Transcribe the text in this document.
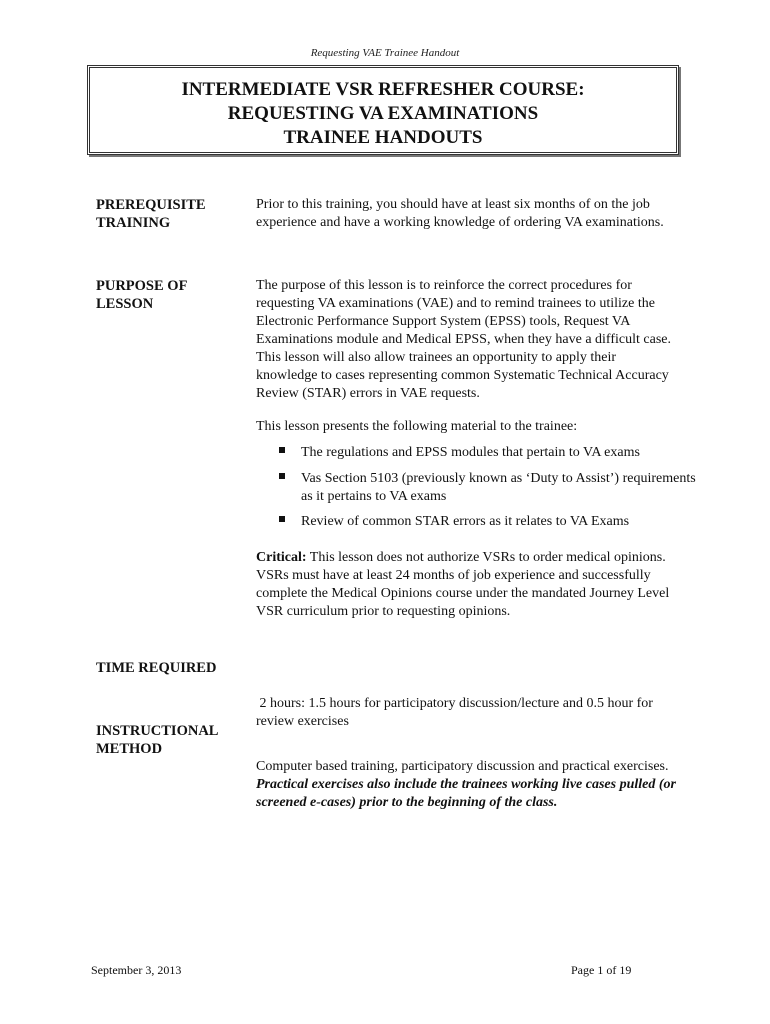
Requesting VAE Trainee Handout
INTERMEDIATE VSR REFRESHER COURSE:
REQUESTING VA EXAMINATIONS
TRAINEE HANDOUTS
PREREQUISITE
TRAINING

Prior to this training, you should have at least six months of on the job experience and have a working knowledge of ordering VA examinations.

PURPOSE OF
LESSON

The purpose of this lesson is to reinforce the correct procedures for requesting VA examinations (VAE) and to remind trainees to utilize the Electronic Performance Support System (EPSS) tools, Request VA Examinations module and Medical EPSS, when they have a difficult case. This lesson will also allow trainees an opportunity to apply their knowledge to cases representing common Systematic Technical Accuracy Review (STAR) errors in VAE requests.

This lesson presents the following material to the trainee:

The regulations and EPSS modules that pertain to VA exams
Vas Section 5103 (previously known as ‘Duty to Assist’) requirements as it pertains to VA exams
Review of common STAR errors as it relates to VA Exams

Critical: This lesson does not authorize VSRs to order medical opinions. VSRs must have at least 24 months of job experience and successfully complete the Medical Opinions course under the mandated Journey Level VSR curriculum prior to requesting opinions.

TIME REQUIRED

2 hours: 1.5 hours for participatory discussion/lecture and 0.5 hour for review exercises

INSTRUCTIONAL
METHOD

Computer based training, participatory discussion and practical exercises.  Practical exercises also include the trainees working live cases pulled (or screened e-cases) prior to the beginning of the class.

September 3, 2013	Page 1 of 19
